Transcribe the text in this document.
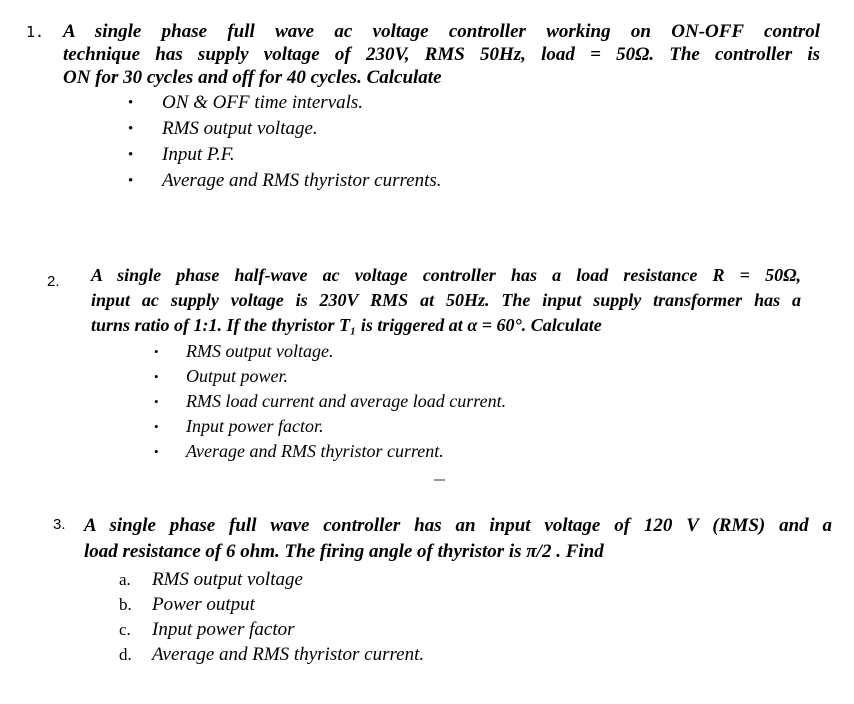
1. A single phase full wave ac voltage controller working on ON-OFF control
technique has supply voltage of 230V, RMS 50Hz, load = 50Ω. The controller is
ON for 30 cycles and off for 40 cycles. Calculate
• ON & OFF time intervals.
• RMS output voltage.
• Input P.F.
• Average and RMS thyristor currents.
2. A single phase half-wave ac voltage controller has a load resistance R = 50Ω,
input ac supply voltage is 230V RMS at 50Hz. The input supply transformer has a
turns ratio of 1:1. If the thyristor T₁ is triggered at α = 60°. Calculate
• RMS output voltage.
• Output power.
• RMS load current and average load current.
• Input power factor.
• Average and RMS thyristor current.
3. A single phase full wave controller has an input voltage of 120 V (RMS) and a
load resistance of 6 ohm. The firing angle of thyristor is π/2 . Find
a. RMS output voltage
b. Power output
c. Input power factor
d. Average and RMS thyristor current.
